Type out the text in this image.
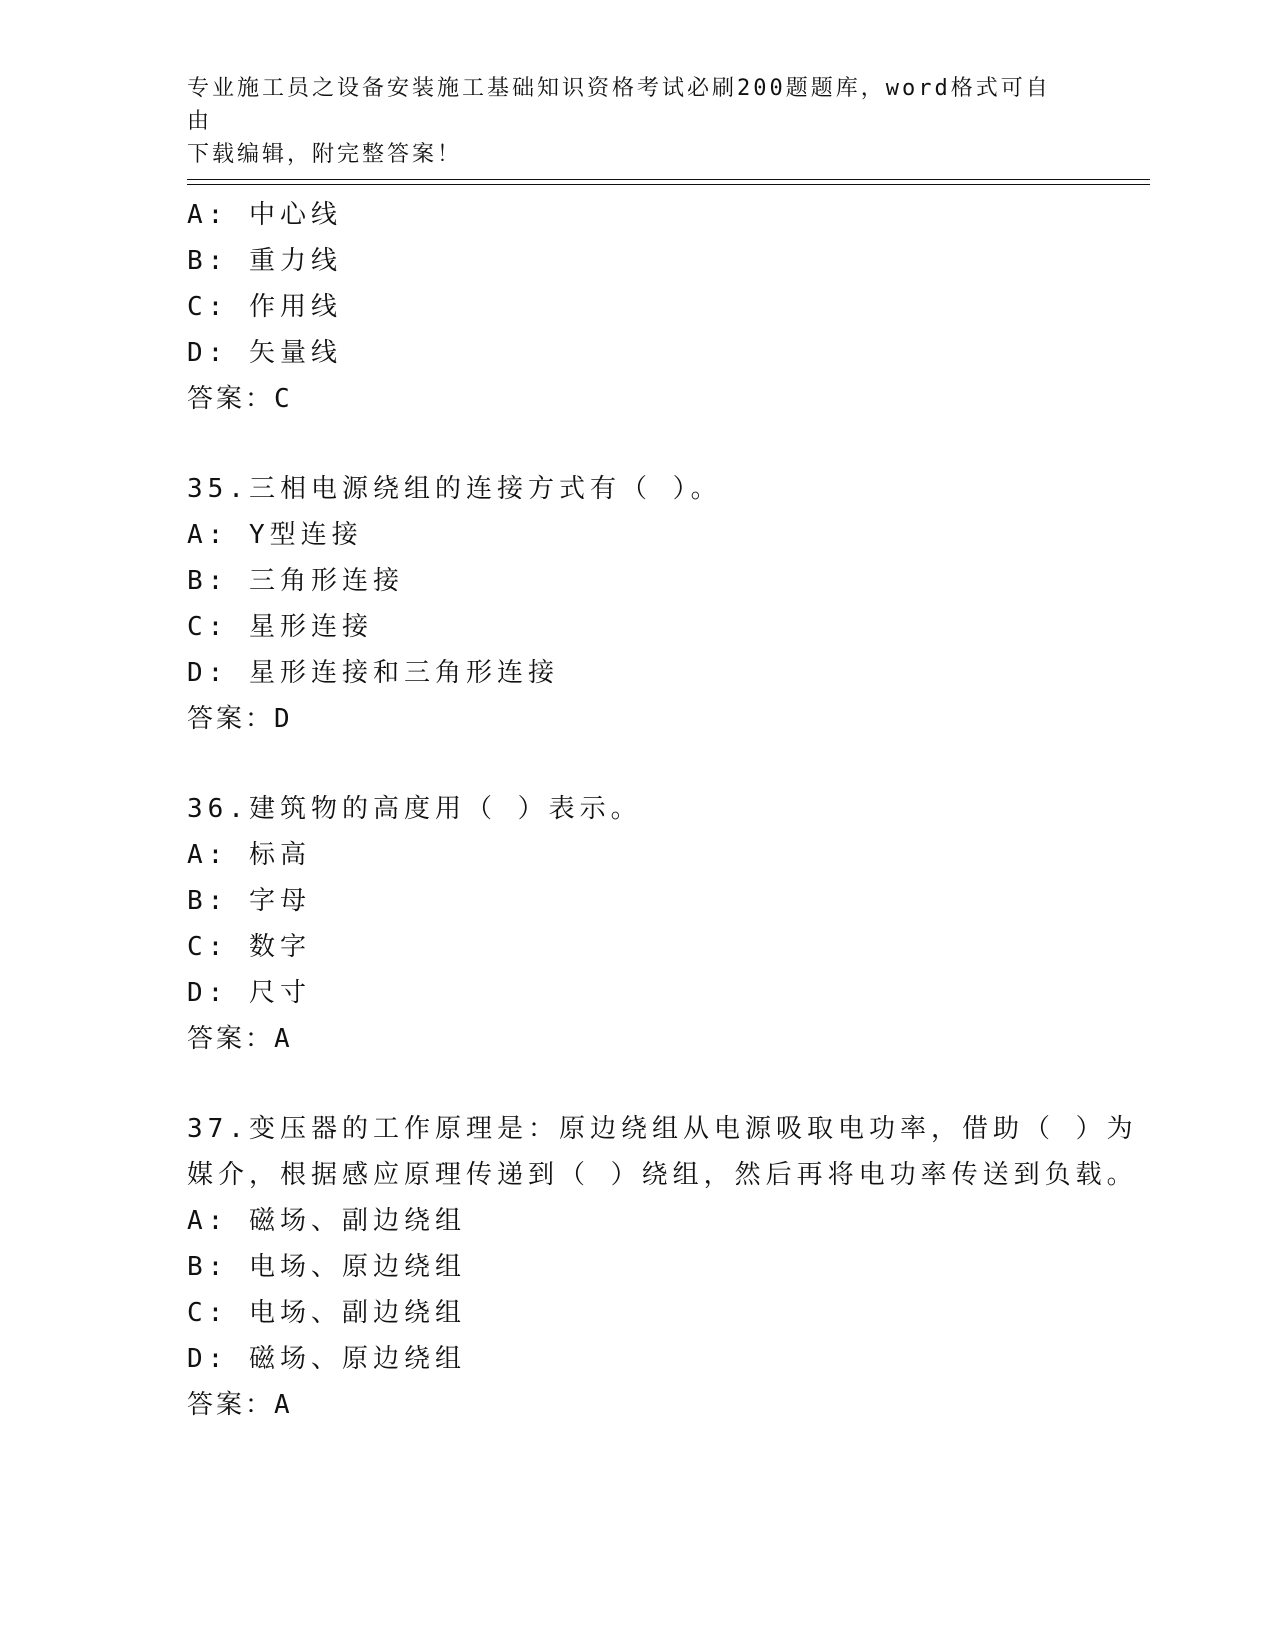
专业施工员之设备安装施工基础知识资格考试必刷200题题库，word格式可自由
下载编辑，附完整答案！
A: 中心线
B: 重力线
C: 作用线
D: 矢量线
答案：C
35.三相电源绕组的连接方式有（ ）。
A: Y型连接
B: 三角形连接
C: 星形连接
D: 星形连接和三角形连接
答案：D
36.建筑物的高度用（ ）表示。
A: 标高
B: 字母
C: 数字
D: 尺寸
答案：A
37.变压器的工作原理是：原边绕组从电源吸取电功率，借助（ ）为
媒介，根据感应原理传递到（ ）绕组，然后再将电功率传送到负载。
A: 磁场、副边绕组
B: 电场、原边绕组
C: 电场、副边绕组
D: 磁场、原边绕组
答案：A
